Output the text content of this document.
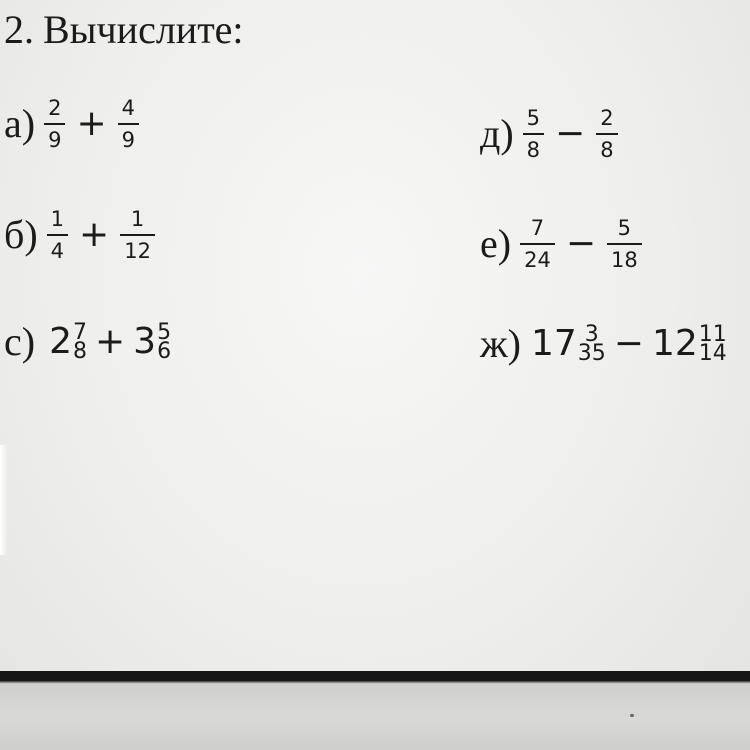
2. Вычислите:
$а) \frac{2}{9} + \frac{4}{9}$
$б) \frac{1}{4} + \frac{1}{12}$
с) 2 7
8 + 3 5
6
$д) \frac{5}{8} - \frac{2}{8}$
$е) \frac{7}{24} - \frac{5}{18}$
ж) 17 3
35 − 12 11
14
